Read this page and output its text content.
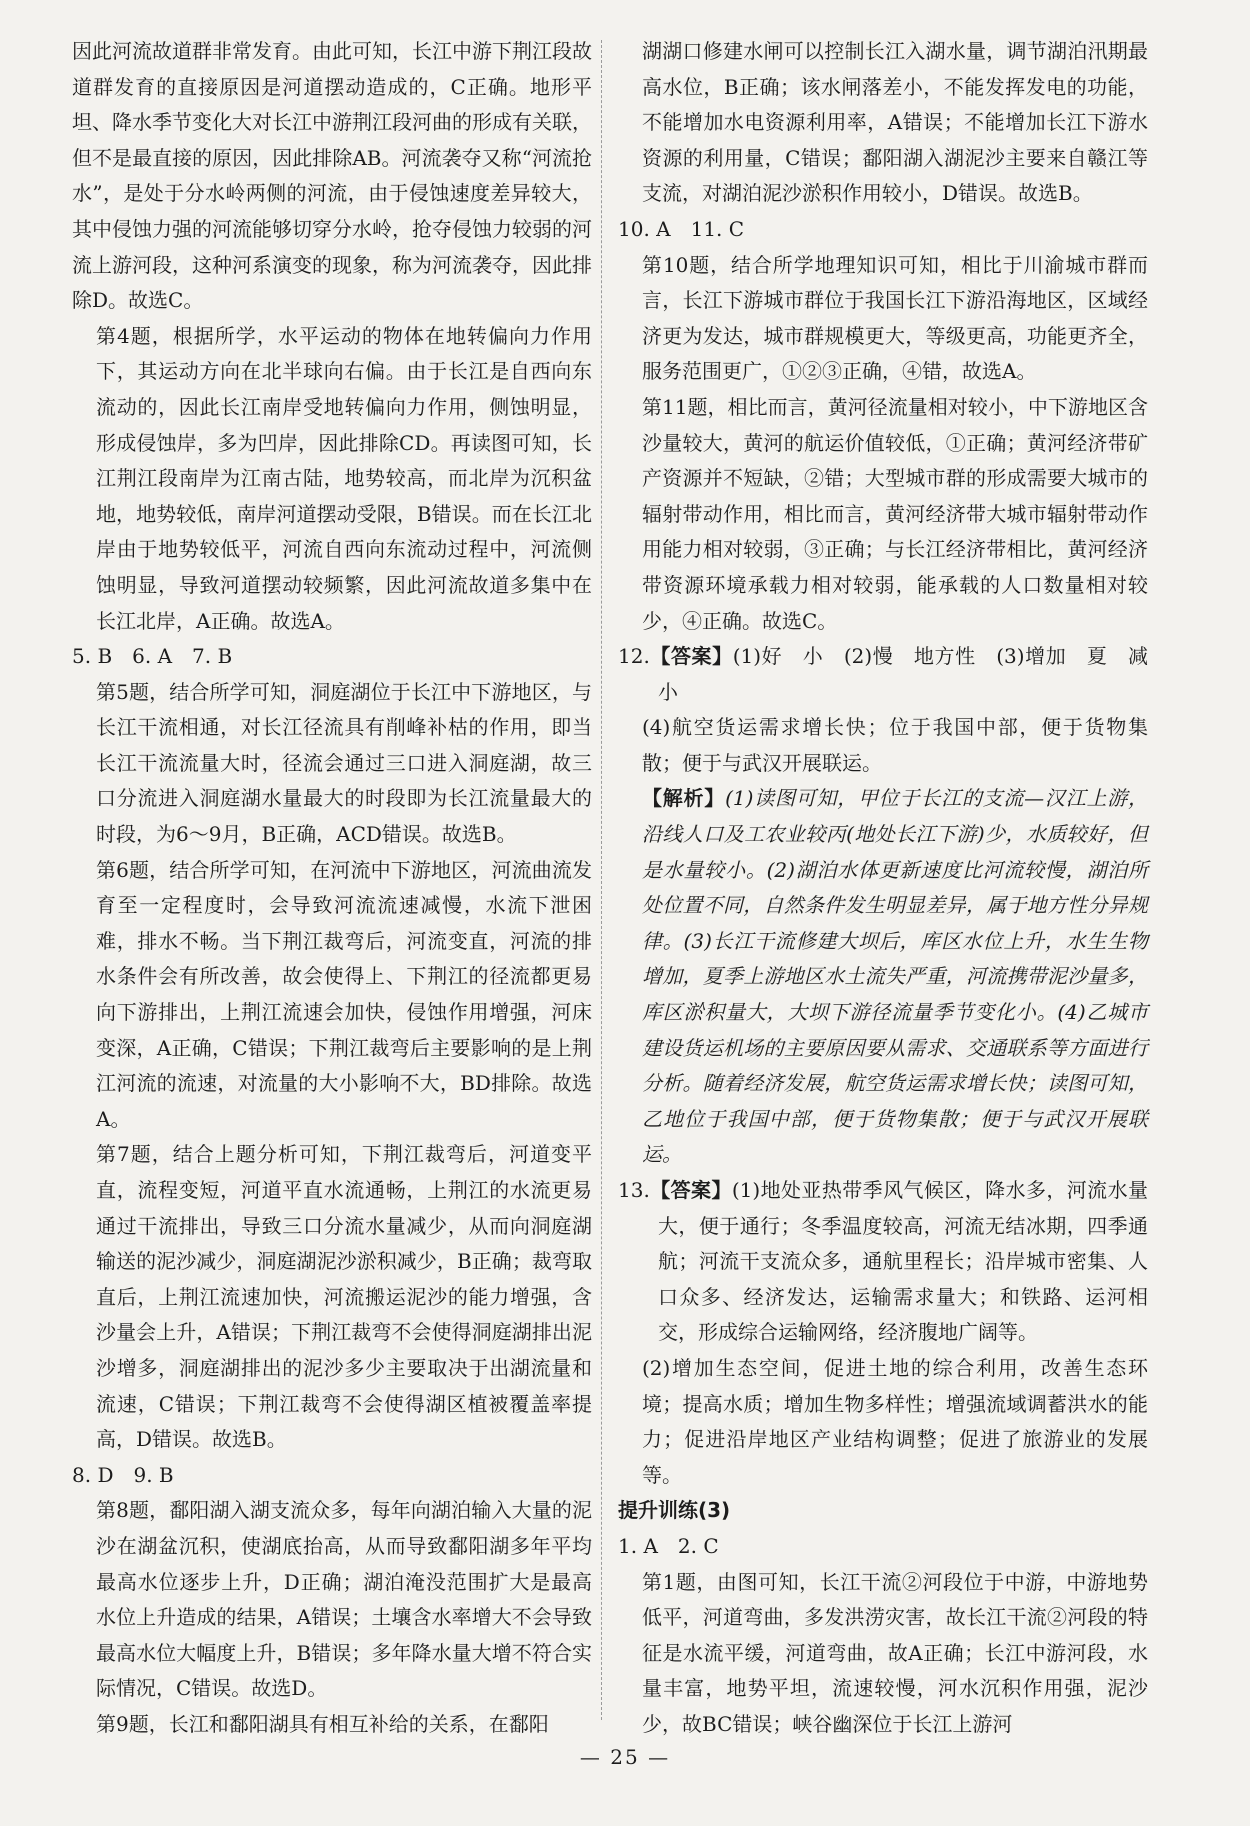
因此河流故道群非常发育。由此可知，长江中游下荆江段故道群发育的直接原因是河道摆动造成的，C正确。地形平坦、降水季节变化大对长江中游荆江段河曲的形成有关联，但不是最直接的原因，因此排除AB。河流袭夺又称“河流抢水”，是处于分水岭两侧的河流，由于侵蚀速度差异较大，其中侵蚀力强的河流能够切穿分水岭，抢夺侵蚀力较弱的河流上游河段，这种河系演变的现象，称为河流袭夺，因此排除D。故选C。

第4题，根据所学，水平运动的物体在地转偏向力作用下，其运动方向在北半球向右偏。由于长江是自西向东流动的，因此长江南岸受地转偏向力作用，侧蚀明显，形成侵蚀岸，多为凹岸，因此排除CD。再读图可知，长江荆江段南岸为江南古陆，地势较高，而北岸为沉积盆地，地势较低，南岸河道摆动受限，B错误。而在长江北岸由于地势较低平，河流自西向东流动过程中，河流侧蚀明显，导致河道摆动较频繁，因此河流故道多集中在长江北岸，A正确。故选A。

5. B　6. A　7. B

第5题，结合所学可知，洞庭湖位于长江中下游地区，与长江干流相通，对长江径流具有削峰补枯的作用，即当长江干流流量大时，径流会通过三口进入洞庭湖，故三口分流进入洞庭湖水量最大的时段即为长江流量最大的时段，为6～9月，B正确，ACD错误。故选B。

第6题，结合所学可知，在河流中下游地区，河流曲流发育至一定程度时，会导致河流流速减慢，水流下泄困难，排水不畅。当下荆江裁弯后，河流变直，河流的排水条件会有所改善，故会使得上、下荆江的径流都更易向下游排出，上荆江流速会加快，侵蚀作用增强，河床变深，A正确，C错误；下荆江裁弯后主要影响的是上荆江河流的流速，对流量的大小影响不大，BD排除。故选A。

第7题，结合上题分析可知，下荆江裁弯后，河道变平直，流程变短，河道平直水流通畅，上荆江的水流更易通过干流排出，导致三口分流水量减少，从而向洞庭湖输送的泥沙减少，洞庭湖泥沙淤积减少，B正确；裁弯取直后，上荆江流速加快，河流搬运泥沙的能力增强，含沙量会上升，A错误；下荆江裁弯不会使得洞庭湖排出泥沙增多，洞庭湖排出的泥沙多少主要取决于出湖流量和流速，C错误；下荆江裁弯不会使得湖区植被覆盖率提高，D错误。故选B。

8. D　9. B

第8题，鄱阳湖入湖支流众多，每年向湖泊输入大量的泥沙在湖盆沉积，使湖底抬高，从而导致鄱阳湖多年平均最高水位逐步上升，D正确；湖泊淹没范围扩大是最高水位上升造成的结果，A错误；土壤含水率增大不会导致最高水位大幅度上升，B错误；多年降水量大增不符合实际情况，C错误。故选D。

第9题，长江和鄱阳湖具有相互补给的关系，在鄱阳

湖湖口修建水闸可以控制长江入湖水量，调节湖泊汛期最高水位，B正确；该水闸落差小，不能发挥发电的功能，不能增加水电资源利用率，A错误；不能增加长江下游水资源的利用量，C错误；鄱阳湖入湖泥沙主要来自赣江等支流，对湖泊泥沙淤积作用较小，D错误。故选B。

10. A　11. C

第10题，结合所学地理知识可知，相比于川渝城市群而言，长江下游城市群位于我国长江下游沿海地区，区域经济更为发达，城市群规模更大，等级更高，功能更齐全，服务范围更广，①②③正确，④错，故选A。

第11题，相比而言，黄河径流量相对较小，中下游地区含沙量较大，黄河的航运价值较低，①正确；黄河经济带矿产资源并不短缺，②错；大型城市群的形成需要大城市的辐射带动作用，相比而言，黄河经济带大城市辐射带动作用能力相对较弱，③正确；与长江经济带相比，黄河经济带资源环境承载力相对较弱，能承载的人口数量相对较少，④正确。故选C。

12.【答案】(1)好　小　(2)慢　地方性　(3)增加　夏　减小

(4)航空货运需求增长快；位于我国中部，便于货物集散；便于与武汉开展联运。

【解析】(1)读图可知，甲位于长江的支流—汉江上游，沿线人口及工农业较丙(地处长江下游)少，水质较好，但是水量较小。(2)湖泊水体更新速度比河流较慢，湖泊所处位置不同，自然条件发生明显差异，属于地方性分异规律。(3)长江干流修建大坝后，库区水位上升，水生生物增加，夏季上游地区水土流失严重，河流携带泥沙量多，库区淤积量大，大坝下游径流量季节变化小。(4)乙城市建设货运机场的主要原因要从需求、交通联系等方面进行分析。随着经济发展，航空货运需求增长快；读图可知，乙地位于我国中部，便于货物集散；便于与武汉开展联运。

13.【答案】(1)地处亚热带季风气候区，降水多，河流水量大，便于通行；冬季温度较高，河流无结冰期，四季通航；河流干支流众多，通航里程长；沿岸城市密集、人口众多、经济发达，运输需求量大；和铁路、运河相交，形成综合运输网络，经济腹地广阔等。

(2)增加生态空间，促进土地的综合利用，改善生态环境；提高水质；增加生物多样性；增强流域调蓄洪水的能力；促进沿岸地区产业结构调整；促进了旅游业的发展等。

提升训练(3)

1. A　2. C

第1题，由图可知，长江干流②河段位于中游，中游地势低平，河道弯曲，多发洪涝灾害，故长江干流②河段的特征是水流平缓，河道弯曲，故A正确；长江中游河段，水量丰富，地势平坦，流速较慢，河水沉积作用强，泥沙少，故BC错误；峡谷幽深位于长江上游河

— 25 —
